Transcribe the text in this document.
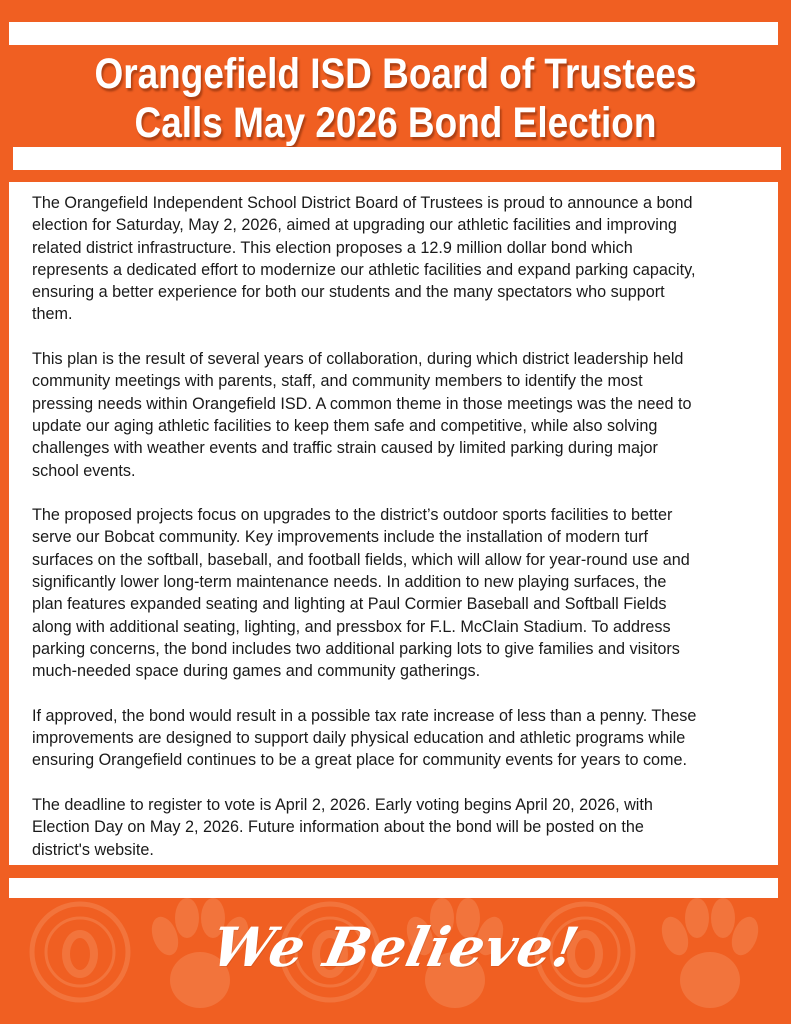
Orangefield ISD Board of Trustees
Calls May 2026 Bond Election
The Orangefield Independent School District Board of Trustees is proud to announce a bond
election for Saturday, May 2, 2026, aimed at upgrading our athletic facilities and improving
related district infrastructure. This election proposes a 12.9 million dollar bond which
represents a dedicated effort to modernize our athletic facilities and expand parking capacity,
ensuring a better experience for both our students and the many spectators who support
them.
This plan is the result of several years of collaboration, during which district leadership held
community meetings with parents, staff, and community members to identify the most
pressing needs within Orangefield ISD. A common theme in those meetings was the need to
update our aging athletic facilities to keep them safe and competitive, while also solving
challenges with weather events and traffic strain caused by limited parking during major
school events.
The proposed projects focus on upgrades to the district’s outdoor sports facilities to better
serve our Bobcat community. Key improvements include the installation of modern turf
surfaces on the softball, baseball, and football fields, which will allow for year-round use and
significantly lower long-term maintenance needs. In addition to new playing surfaces, the
plan features expanded seating and lighting at Paul Cormier Baseball and Softball Fields
along with additional seating, lighting, and pressbox for F.L. McClain Stadium. To address
parking concerns, the bond includes two additional parking lots to give families and visitors
much-needed space during games and community gatherings.
If approved, the bond would result in a possible tax rate increase of less than a penny. These
improvements are designed to support daily physical education and athletic programs while
ensuring Orangefield continues to be a great place for community events for years to come.
The deadline to register to vote is April 2, 2026. Early voting begins April 20, 2026, with
Election Day on May 2, 2026. Future information about the bond will be posted on the
district's website.
We Believe!
